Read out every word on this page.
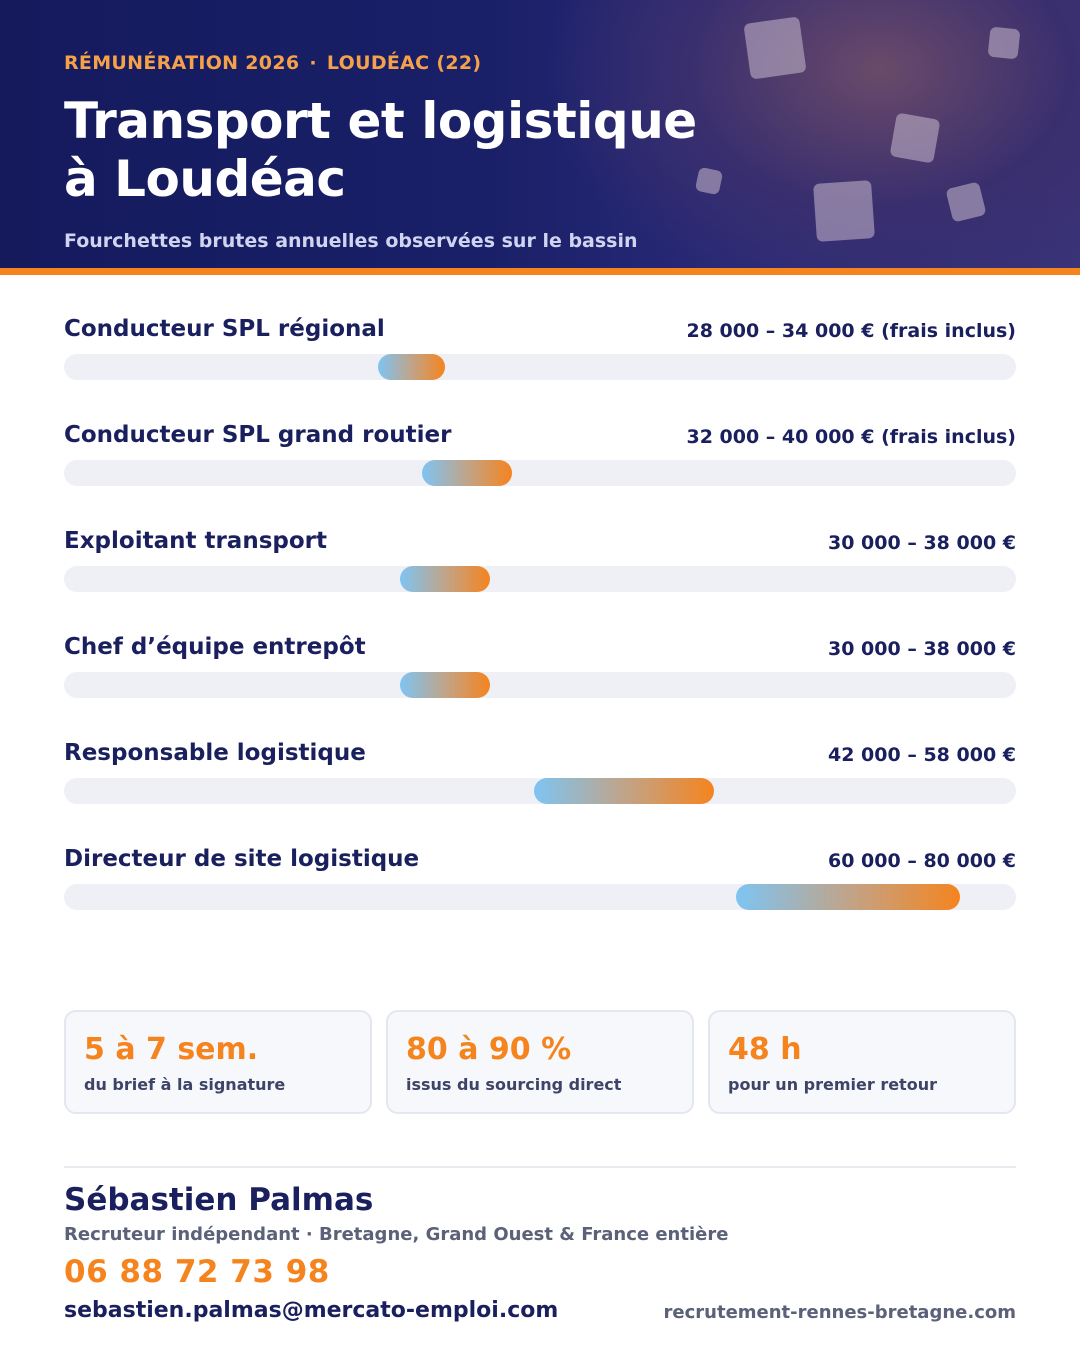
RÉMUNÉRATION 2026 · LOUDÉAC (22)
Transport et logistique
à Loudéac
Fourchettes brutes annuelles observées sur le bassin
Conducteur SPL régional	28 000 – 34 000 € (frais inclus)
Conducteur SPL grand routier	32 000 – 40 000 € (frais inclus)
Exploitant transport	30 000 – 38 000 €
Chef d’équipe entrepôt	30 000 – 38 000 €
Responsable logistique	42 000 – 58 000 €
Directeur de site logistique	60 000 – 80 000 €
5 à 7 sem.
du brief à la signature
80 à 90 %
issus du sourcing direct
48 h
pour un premier retour
Sébastien Palmas
Recruteur indépendant · Bretagne, Grand Ouest & France entière
06 88 72 73 98
sebastien.palmas@mercato-emploi.com	recrutement-rennes-bretagne.com
